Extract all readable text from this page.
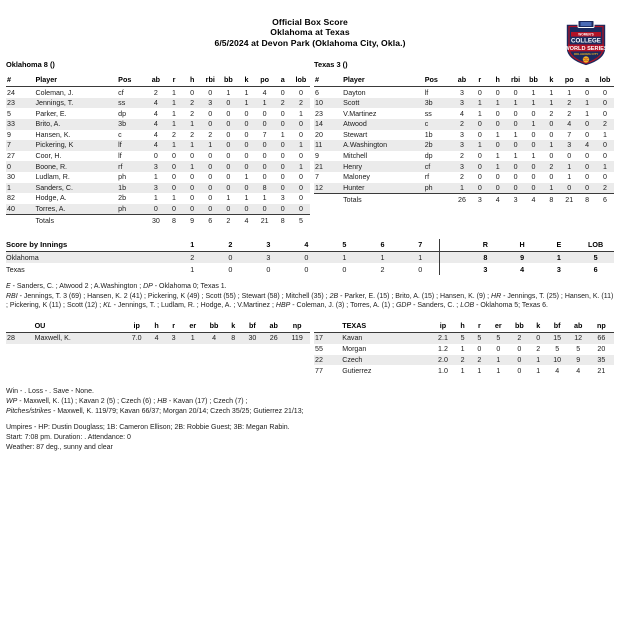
Official Box Score
Oklahoma at Texas
6/5/2024 at Devon Park (Oklahoma City, Okla.)
WOMEN'S
COLLEGE
WORLD SERIES
OKLAHOMA CITY
Oklahoma 8 ()	Texas 3 ()
#	Player	Pos	ab	r	h	rbi	bb	k	po	a	lob
24	Coleman, J.	cf	2	1	0	0	1	1	4	0	0
23	Jennings, T.	ss	4	1	2	3	0	1	1	2	2
5	Parker, E.	dp	4	1	2	0	0	0	0	0	1
33	Brito, A.	3b	4	1	1	0	0	0	0	0	0
9	Hansen, K.	c	4	2	2	2	0	0	7	1	0
7	Pickering, K	lf	4	1	1	1	0	0	0	0	1
27	Coor, H.	lf	0	0	0	0	0	0	0	0	0
0	Boone, R.	rf	3	0	1	0	0	0	0	0	1
30	Ludlam, R.	ph	1	0	0	0	0	1	0	0	0
1	Sanders, C.	1b	3	0	0	0	0	0	8	0	0
82	Hodge, A.	2b	1	1	0	0	1	1	1	3	0
40	Torres, A.	ph	0	0	0	0	0	0	0	0	0
	Totals		30	8	9	6	2	4	21	8	5
#	Player	Pos	ab	r	h	rbi	bb	k	po	a	lob
6	Dayton	lf	3	0	0	0	1	1	1	0	0
10	Scott	3b	3	1	1	1	1	1	2	1	0
23	V.Martinez	ss	4	1	0	0	0	2	2	1	0
14	Atwood	c	2	0	0	0	1	0	4	0	2
20	Stewart	1b	3	0	1	1	0	0	7	0	1
11	A.Washington	2b	3	1	0	0	0	1	3	4	0
9	Mitchell	dp	2	0	1	1	1	0	0	0	0
21	Henry	cf	3	0	1	0	0	2	1	0	1
7	Maloney	rf	2	0	0	0	0	0	1	0	0
12	Hunter	ph	1	0	0	0	0	1	0	0	2
	Totals		26	3	4	3	4	8	21	8	6
Score by Innings	1	2	3	4	5	6	7		R	H	E	LOB
Oklahoma	2	0	3	0	1	1	1		8	9	1	5
Texas	1	0	0	0	0	2	0		3	4	3	6
E - Sanders, C. ; Atwood 2 ; A.Washington ; DP - Oklahoma 0; Texas 1.
RBI - Jennings, T. 3 (69) ; Hansen, K. 2 (41) ; Pickering, K (49) ; Scott (55) ; Stewart (58) ; Mitchell (35) ; 2B - Parker, E. (15) ; Brito, A. (15) ; Hansen, K. (9) ; HR - Jennings, T. (25) ; Hansen, K. (11) ; Pickering, K (11) ; Scott (12) ; KL - Jennings, T. ; Ludlam, R. ; Hodge, A. ; V.Martinez ; HBP - Coleman, J. (3) ; Torres, A. (1) ; GDP - Sanders, C. ; LOB - Oklahoma 5; Texas 6.
	OU	ip	h	r	er	bb	k	bf	ab	np
28	Maxwell, K.	7.0	4	3	1	4	8	30	26	119
	TEXAS	ip	h	r	er	bb	k	bf	ab	np
17	Kavan	2.1	5	5	5	2	0	15	12	66
55	Morgan	1.2	1	0	0	0	2	5	5	20
22	Czech	2.0	2	2	1	0	1	10	9	35
77	Gutierrez	1.0	1	1	1	0	1	4	4	21
Win - . Loss - . Save - None.
WP - Maxwell, K. (11) ; Kavan 2 (5) ; Czech (6) ; HB - Kavan (17) ; Czech (7) ;
Pitches/strikes - Maxwell, K. 119/79; Kavan 66/37; Morgan 20/14; Czech 35/25; Gutierrez 21/13;
Umpires - HP: Dustin Douglass; 1B: Cameron Ellison; 2B: Robbie Guest; 3B: Megan Rabin.
Start: 7:08 pm. Duration: . Attendance: 0
Weather: 87 deg., sunny and clear
